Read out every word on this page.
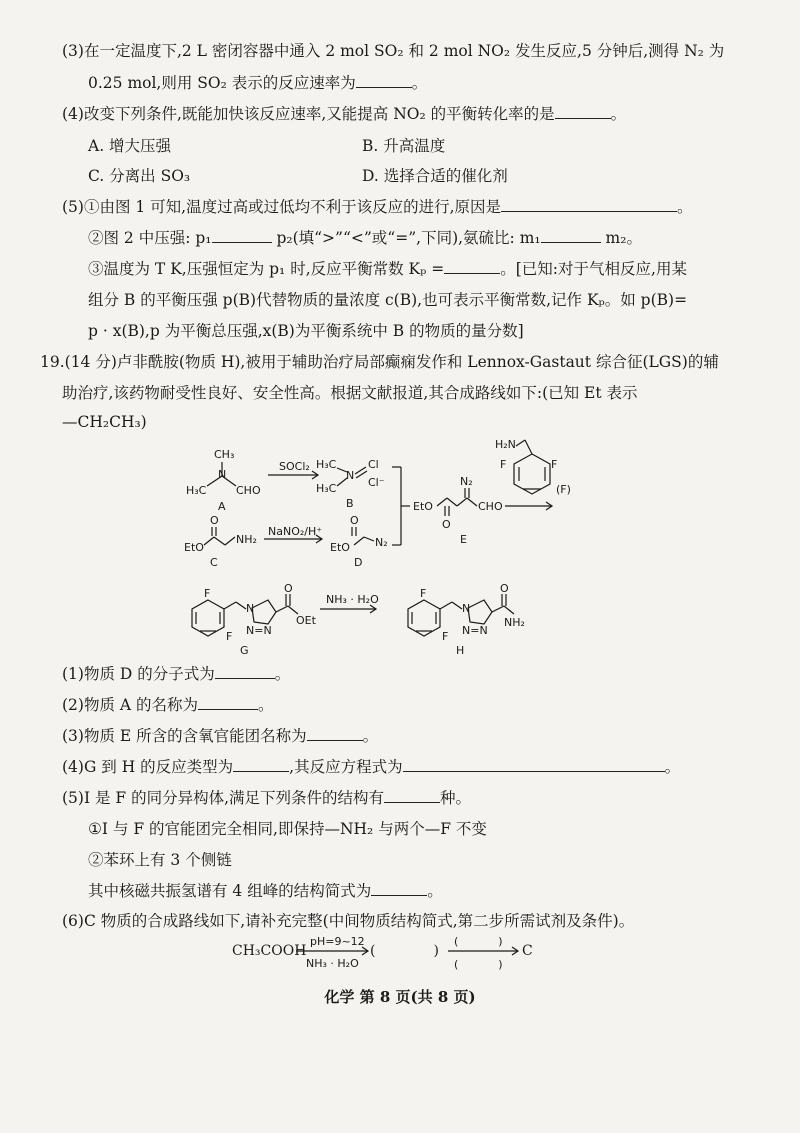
(3)在一定温度下,2 L 密闭容器中通入 2 mol SO₂ 和 2 mol NO₂ 发生反应,5 分钟后,测得 N₂ 为
0.25 mol,则用 SO₂ 表示的反应速率为	。
(4)改变下列条件,既能加快该反应速率,又能提高 NO₂ 的平衡转化率的是	。
A. 增大压强	B. 升高温度
C. 分离出 SO₃	D. 选择合适的催化剂
(5)①由图 1 可知,温度过高或过低均不利于该反应的进行,原因是	。
②图 2 中压强: p₁	p₂(填“>”“<”或“=”,下同),氨硫比: m₁	m₂。
③温度为 T K,压强恒定为 p₁ 时,反应平衡常数 Kₚ =	。[已知:对于气相反应,用某
组分 B 的平衡压强 p(B)代替物质的量浓度 c(B),也可表示平衡常数,记作 Kₚ。如 p(B)=
p · x(B),p 为平衡总压强,x(B)为平衡系统中 B 的物质的量分数]
19.(14 分)卢非酰胺(物质 H),被用于辅助治疗局部癫痫发作和 Lennox-Gastaut 综合征(LGS)的辅
助治疗,该药物耐受性良好、安全性高。根据文献报道,其合成路线如下:(已知 Et 表示
—CH₂CH₃)
CH₃
N
H₃C	CHO
A
SOCl₂ H₃C
N
Cl
H₃C	Cl⁻
B
O
EtO
NH₂
C
NaNO₂/H⁺
O
EtO N₂
D
EtO
O
N₂
CHO
E
H₂N
F	F
(F)
F
F
N
N=N
O
OEt
G
NH₃ · H₂O	F
F
N
N=N
O
NH₂
H
(1)物质 D 的分子式为	。
(2)物质 A 的名称为	。
(3)物质 E 所含的含氧官能团名称为	。
(4)G 到 H 的反应类型为	,其反应方程式为	。
(5)I 是 F 的同分异构体,满足下列条件的结构有	种。
①I 与 F 的官能团完全相同,即保持—NH₂ 与两个—F 不变
②苯环上有 3 个侧链
其中核磁共振氢谱有 4 组峰的结构简式为	。
(6)C 物质的合成路线如下,请补充完整(中间物质结构简式,第二步所需试剂及条件)。
CH₃COOH
pH=9~12
NH₃ · H₂O
(	)
(	)
(	)
C
化学 第 8 页(共 8 页)
